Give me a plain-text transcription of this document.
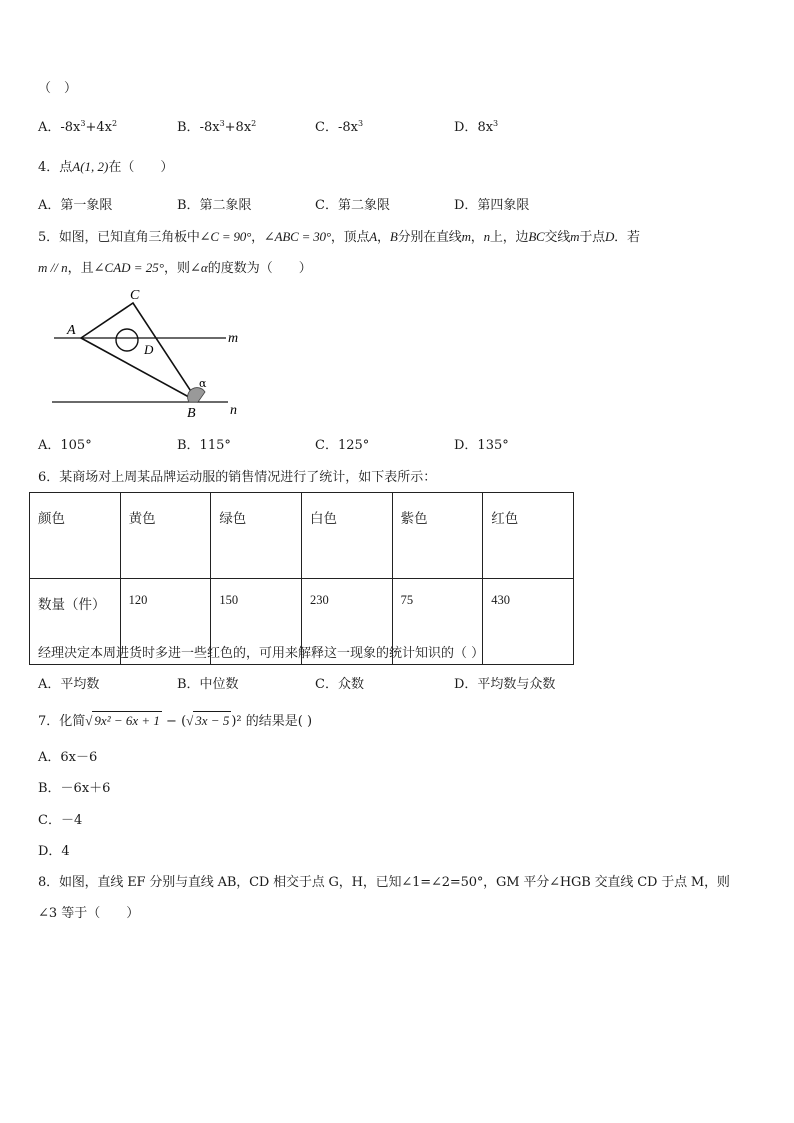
（　）
A．$-8x^3+4x^2$	B．$-8x^3+8x^2$	C．$-8x^3$	D．$8x^3$
4．点A(1, 2)在（　　）
A．第一象限	B．第二象限	C．第二象限	D．第四象限
5．如图，已知直角三角板中∠C = 90°，∠ABC = 30°，顶点A，B分别在直线m，n上，边BC交线m于点D．若
m // n，且∠CAD = 25°，则∠α的度数为（　　）
A
C
D
B
m
n
α
A．105°	B．115°	C．125°	D．135°
6．某商场对上周某品牌运动服的销售情况进行了统计，如下表所示：
颜色	黄色	绿色	白色	紫色	红色
数量（件）	120	150	230	75	430
经理决定本周进货时多进一些红色的，可用来解释这一现象的统计知识的（ ）
A．平均数	B．中位数	C．众数	D．平均数与众数
7．化简√ 9x² − 6x + 1 − (√ 3x − 5 )² 的结果是( )
A．6x－6
B．－6x＋6
C．－4
D．4
8．如图，直线 EF 分别与直线 AB，CD 相交于点 G，H，已知∠1=∠2=50°，GM 平分∠HGB 交直线 CD 于点 M，则
∠3 等于（　　）
